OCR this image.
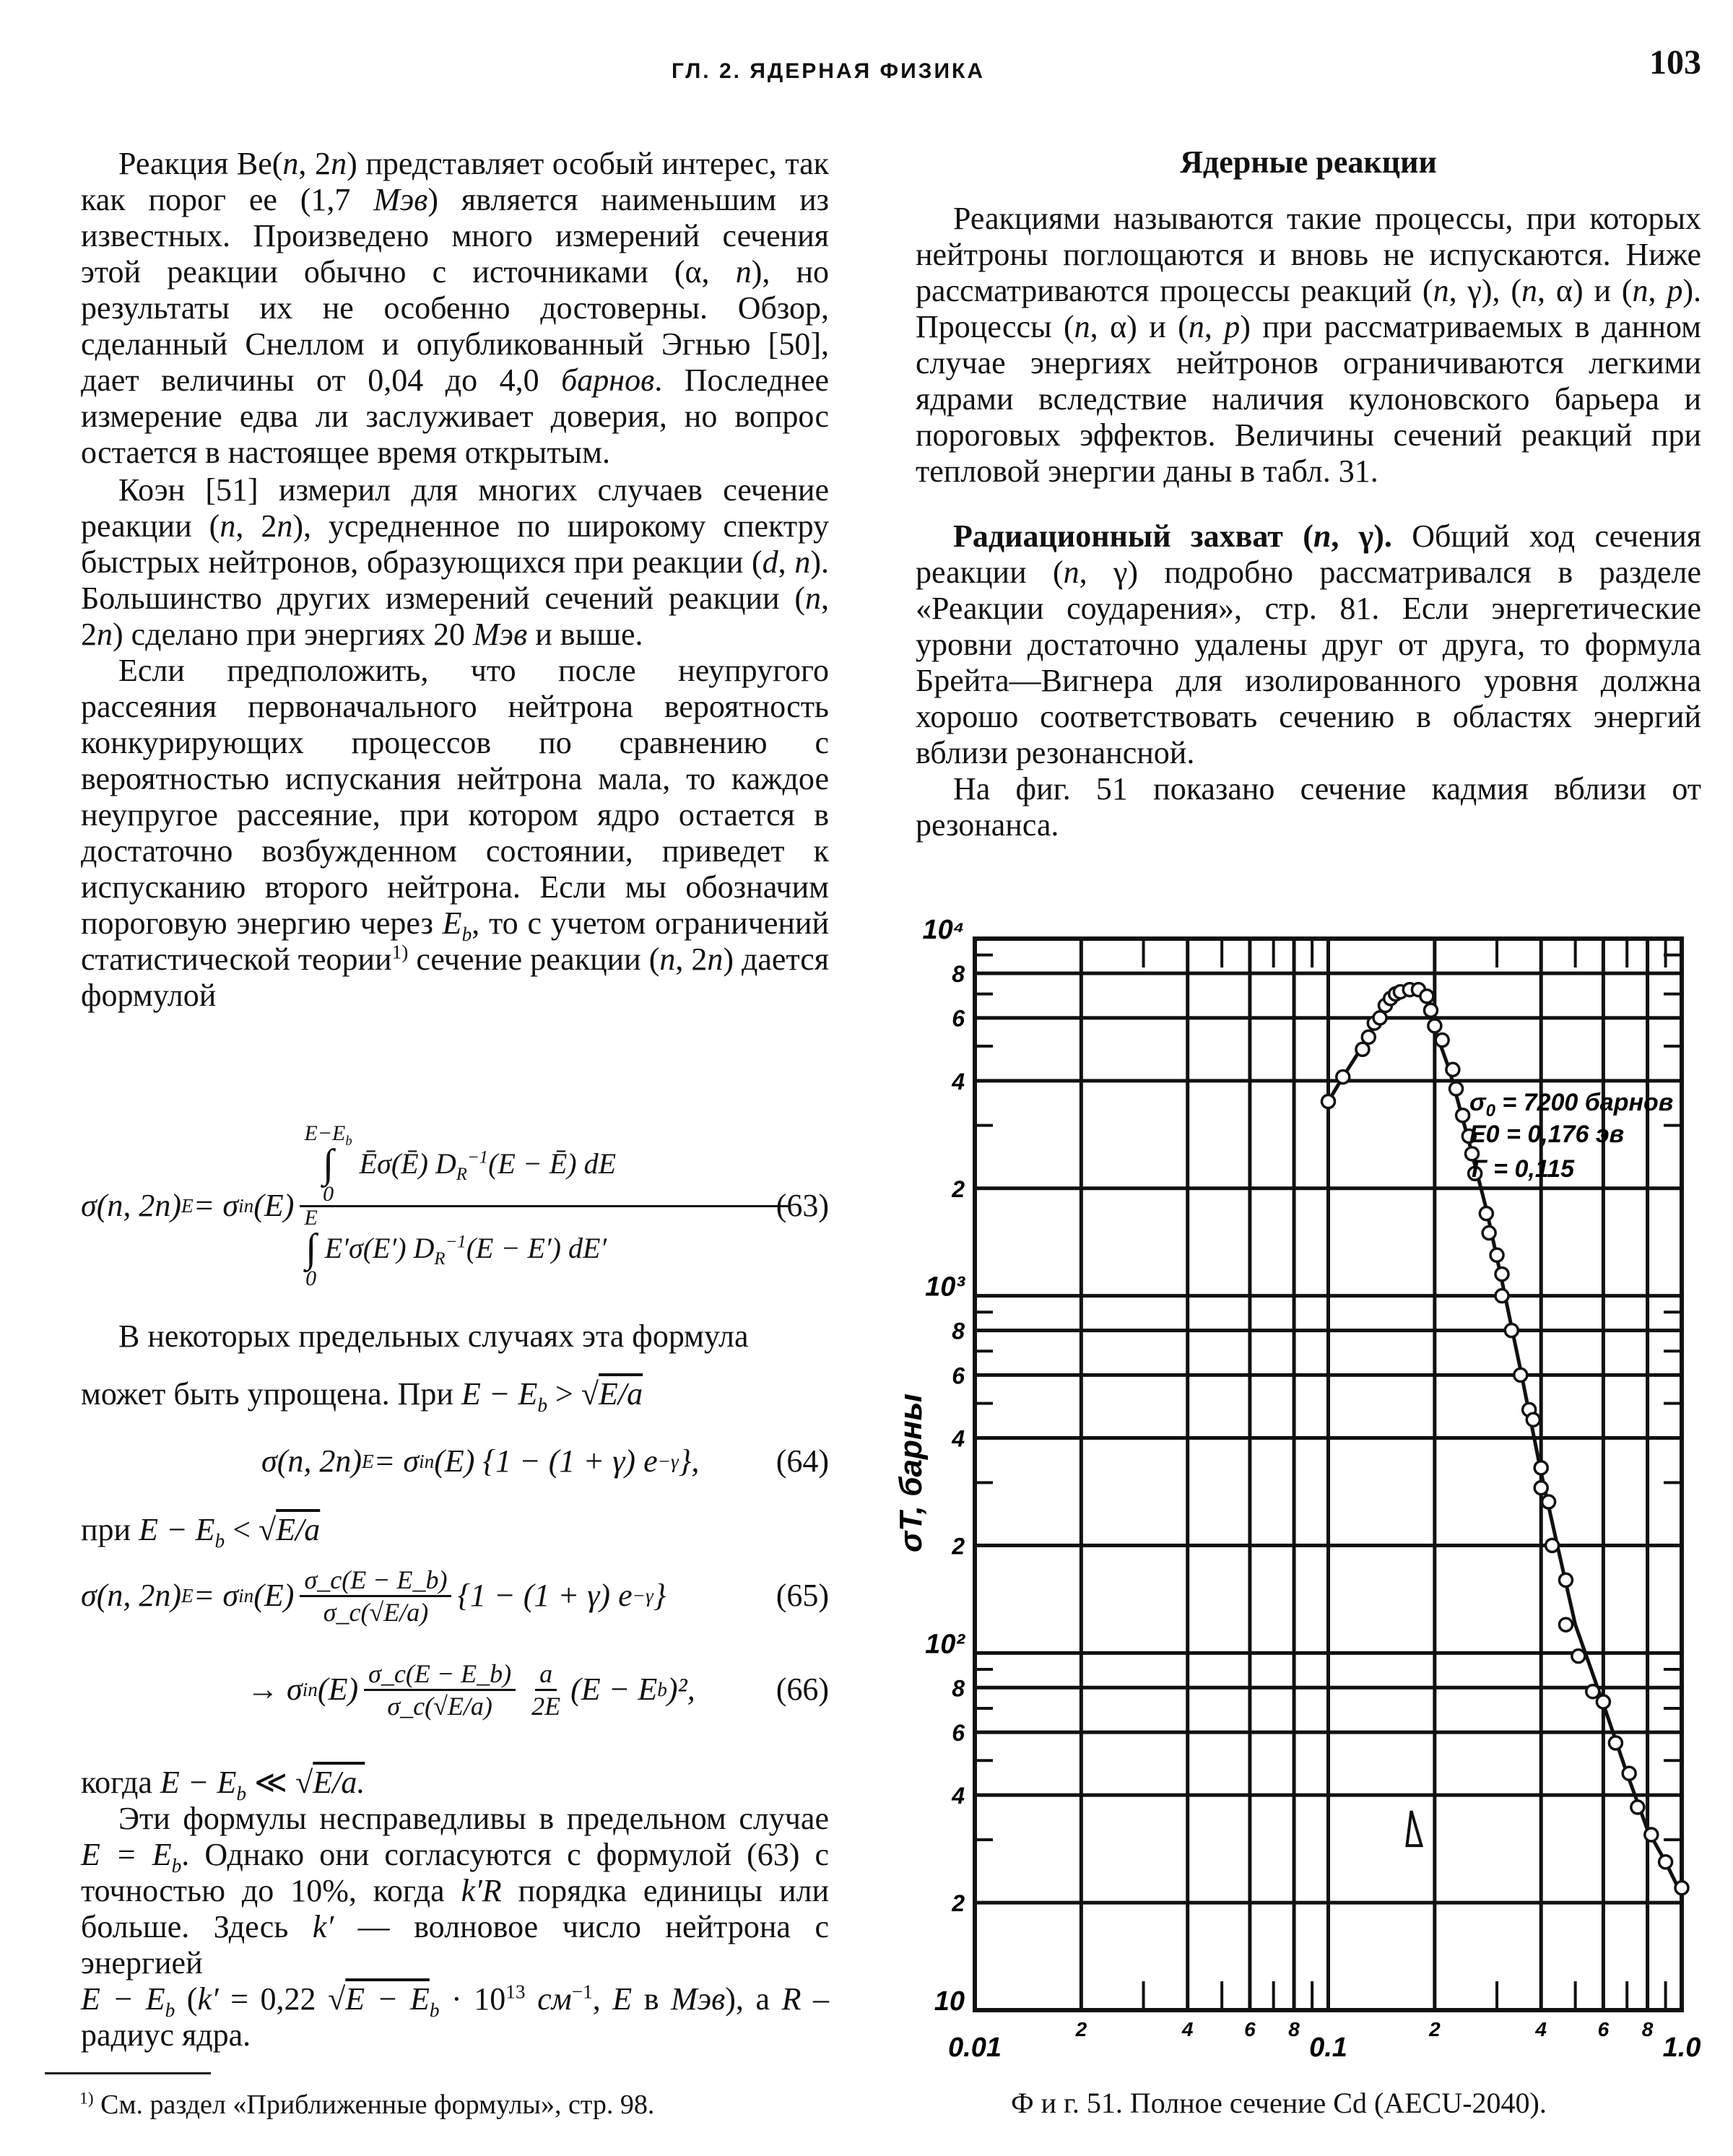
ГЛ. 2. ЯДЕРНАЯ ФИЗИКА	103

Реакция Be(n, 2n) представляет особый интерес, так как порог ее (1,7 Мэв) является наименьшим из известных. Произведено много измерений сечения этой реакции обычно с источниками (α, n), но результаты их не особенно достоверны. Обзор, сделанный Снеллом и опубликованный Эгнью [50], дает величины от 0,04 до 4,0 барнов. Последнее измерение едва ли заслуживает доверия, но вопрос остается в настоящее время открытым.

Коэн [51] измерил для многих случаев сечение реакции (n, 2n), усредненное по широкому спектру быстрых нейтронов, образующихся при реакции (d, n). Большинство других измерений сечений реакции (n, 2n) сделано при энергиях 20 Мэв и выше.

Если предположить, что после неупругого рассеяния первоначального нейтрона вероятность конкурирующих процессов по сравнению с вероятностью испускания нейтрона мала, то каждое неупругое рассеяние, при котором ядро остается в достаточно возбужденном состоянии, приведет к испусканию второго нейтрона. Если мы обозначим пороговую энергию через $E_b$, то с учетом ограничений статистической теории$^{1)}$ сечение реакции (n, 2n) дается формулой

σ(n, 2n) E = σ in (E) $E-E_b$
∫
0
Ēσ(Ē) $D_R^{-1}(E$ − Ē) dE
E
∫
0
E′σ(E′) $D_R^{-1}(E - E')$ dE′
(63)

В некоторых предельных случаях эта формула

может быть упрощена. При $E - E_b > √E/a$

σ(n, 2n) E = σ in (E) {1 − (1 + γ) e −γ }, (64)

при $E - E_b < √E/a$

σ(n, 2n) E = σ in $(E) \frac{\sigma\_c(E - E\_b)}{\sigma\_c(√E/a)} \{1 - (1 + \gamma)$ e −γ }	(65)
→ σ in $(E) \frac{\sigma\_c(E - E\_b)}{\sigma\_c(√E/a)} \frac{a}{2E} (E - E$ b )²,	(66)

когда $E - E_b$ ≪ √E/a.

Эти формулы несправедливы в предельном случае $E = E_b$. Однако они согласуются с формулой (63) с точностью до 10%, когда k′R порядка единицы или больше. Здесь k′ — волновое число нейтрона с энергией

$E - E_b$ (k′ = 0,22 $√E - E_b \cdot 10^{13}$ $см^{-1}$, E в Мэв), а R – радиус ядра.

$^{1)}$ См. раздел «Приближенные формулы», стр. 98.
Ядерные реакции

Реакциями называются такие процессы, при которых нейтроны поглощаются и вновь не испускаются. Ниже рассматриваются процессы реакций (n, γ), (n, α) и (n, p). Процессы (n, α) и (n, p) при рассматриваемых в данном случае энергиях нейтронов ограничиваются легкими ядрами вследствие наличия кулоновского барьера и пороговых эффектов. Величины сечений реакций при тепловой энергии даны в табл. 31.

Радиационный захват (n, γ). Общий ход сечения реакции (n, γ) подробно рассматривался в разделе «Реакции соударения», стр. 81. Если энергетические уровни достаточно удалены друг от друга, то формула Брейта—Вигнера для изолированного уровня должна хорошо соответствовать сечению в областях энергий вблизи резонансной.

На фиг. 51 показано сечение кадмия вблизи от резонанса.

0.01
2	4	6 8
0.1
2	4	6 8
1.0
10
2
4
6
8
10²
2
4
6
8
10³
2
4
6
8
10⁴
σT, барны
$\sigma_0 = 7200$ барнов
E0 = 0,176 эв
Γ = 0,115
Ф и г. 51. Полное сечение Cd (AECU-2040).
